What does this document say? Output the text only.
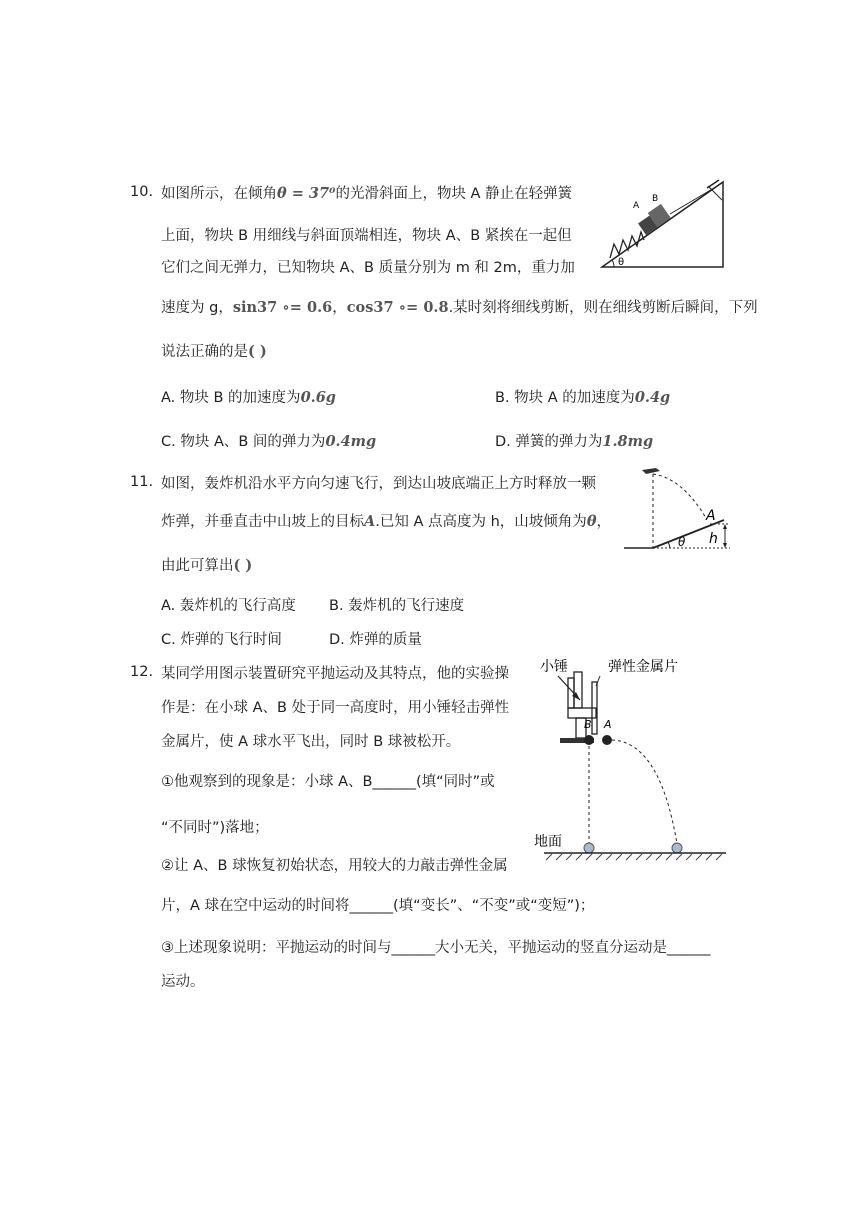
10. 如图所示，在倾角θ = 37⁰的光滑斜面上，物块 A 静止在轻弹簧
上面，物块 B 用细线与斜面顶端相连，物块 A、B 紧挨在一起但
它们之间无弹力，已知物块 A、B 质量分别为 m 和 2m，重力加
速度为 g，sin37 ∘= 0.6，cos37 ∘= 0.8.某时刻将细线剪断，则在细线剪断后瞬间，下列
说法正确的是( )
A. 物块 B 的加速度为0.6g	B. 物块 A 的加速度为0.4g
C. 物块 A、B 间的弹力为0.4mg	D. 弹簧的弹力为1.8mg
A
B
θ
11. 如图，轰炸机沿水平方向匀速飞行，到达山坡底端正上方时释放一颗
炸弹，并垂直击中山坡上的目标A.已知 A 点高度为 h，山坡倾角为θ，
由此可算出( )
A. 轰炸机的飞行高度 B. 轰炸机的飞行速度
C. 炸弹的飞行时间	D. 炸弹的质量
A
h
θ
12. 某同学用图示装置研究平抛运动及其特点，他的实验操
作是：在小球 A、B 处于同一高度时，用小锤轻击弹性
金属片，使 A 球水平飞出，同时 B 球被松开。
①他观察到的现象是：小球 A、B______(填“同时”或
“不同时”)落地；
②让 A、B 球恢复初始状态，用较大的力敲击弹性金属
片，A 球在空中运动的时间将______(填“变长”、“不变”或“变短”)；
③上述现象说明：平抛运动的时间与______大小无关，平抛运动的竖直分运动是______
运动。
小锤	弹性金属片
B A
地面
